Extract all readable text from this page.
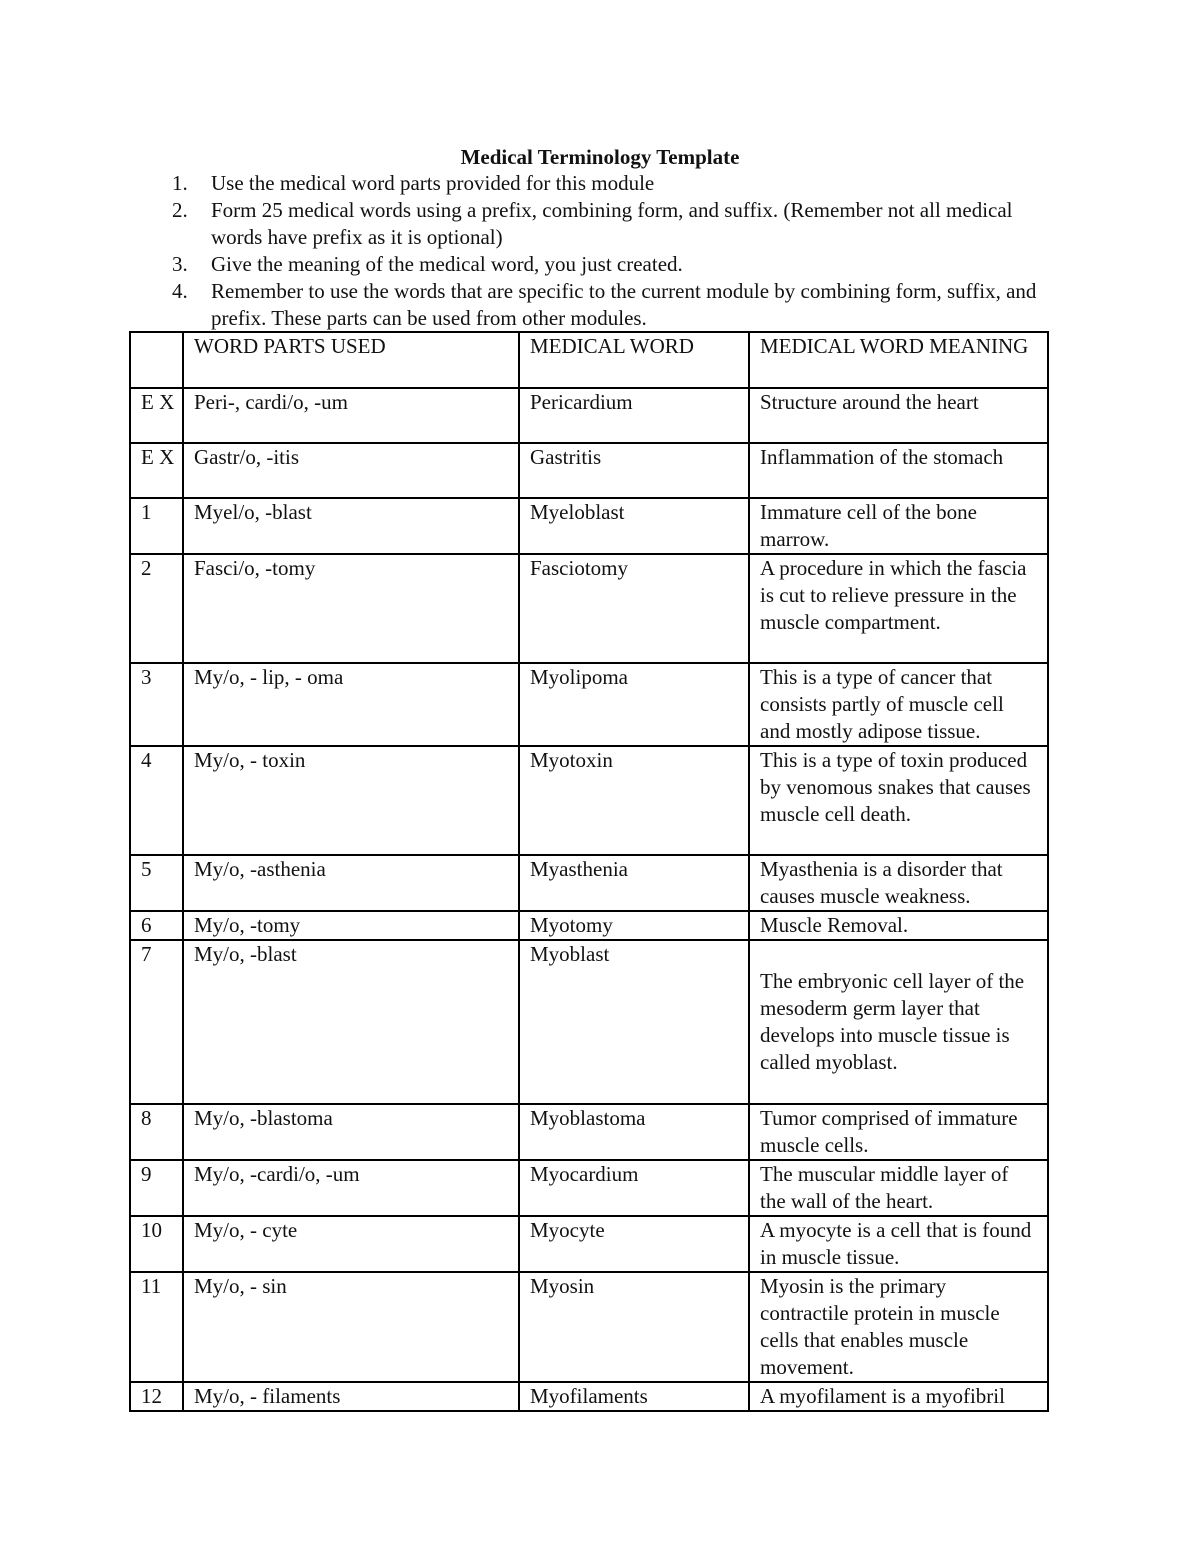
Medical Terminology Template
1. Use the medical word parts provided for this module
2. Form 25 medical words using a prefix, combining form, and suffix. (Remember not all medical words have prefix as it is optional)
3. Give the meaning of the medical word, you just created.
4. Remember to use the words that are specific to the current module by combining form, suffix, and prefix. These parts can be used from other modules.
	WORD PARTS USED	MEDICAL WORD	MEDICAL WORD MEANING
E X	Peri-, cardi/o, -um	Pericardium	Structure around the heart
E X	Gastr/o, -itis	Gastritis	Inflammation of the stomach
1	Myel/o, -blast	Myeloblast	Immature cell of the bone marrow.
2	Fasci/o, -tomy	Fasciotomy	A procedure in which the fascia is cut to relieve pressure in the muscle compartment.
3	My/o, - lip, - oma	Myolipoma	This is a type of cancer that consists partly of muscle cell and mostly adipose tissue.
4	My/o, - toxin	Myotoxin	This is a type of toxin produced by venomous snakes that causes muscle cell death.
5	My/o, -asthenia	Myasthenia	Myasthenia is a disorder that causes muscle weakness.
6	My/o, -tomy	Myotomy	Muscle Removal.
7	My/o, -blast	Myoblast	The embryonic cell layer of the mesoderm germ layer that develops into muscle tissue is called myoblast.

8	My/o, -blastoma	Myoblastoma	Tumor comprised of immature muscle cells.
9	My/o, -cardi/o, -um	Myocardium	The muscular middle layer of the wall of the heart.
10	My/o, - cyte	Myocyte	A myocyte is a cell that is found in muscle tissue.
11	My/o, - sin	Myosin	Myosin is the primary contractile protein in muscle cells that enables muscle movement.
12	My/o, - filaments	Myofilaments	A myofilament is a myofibril
